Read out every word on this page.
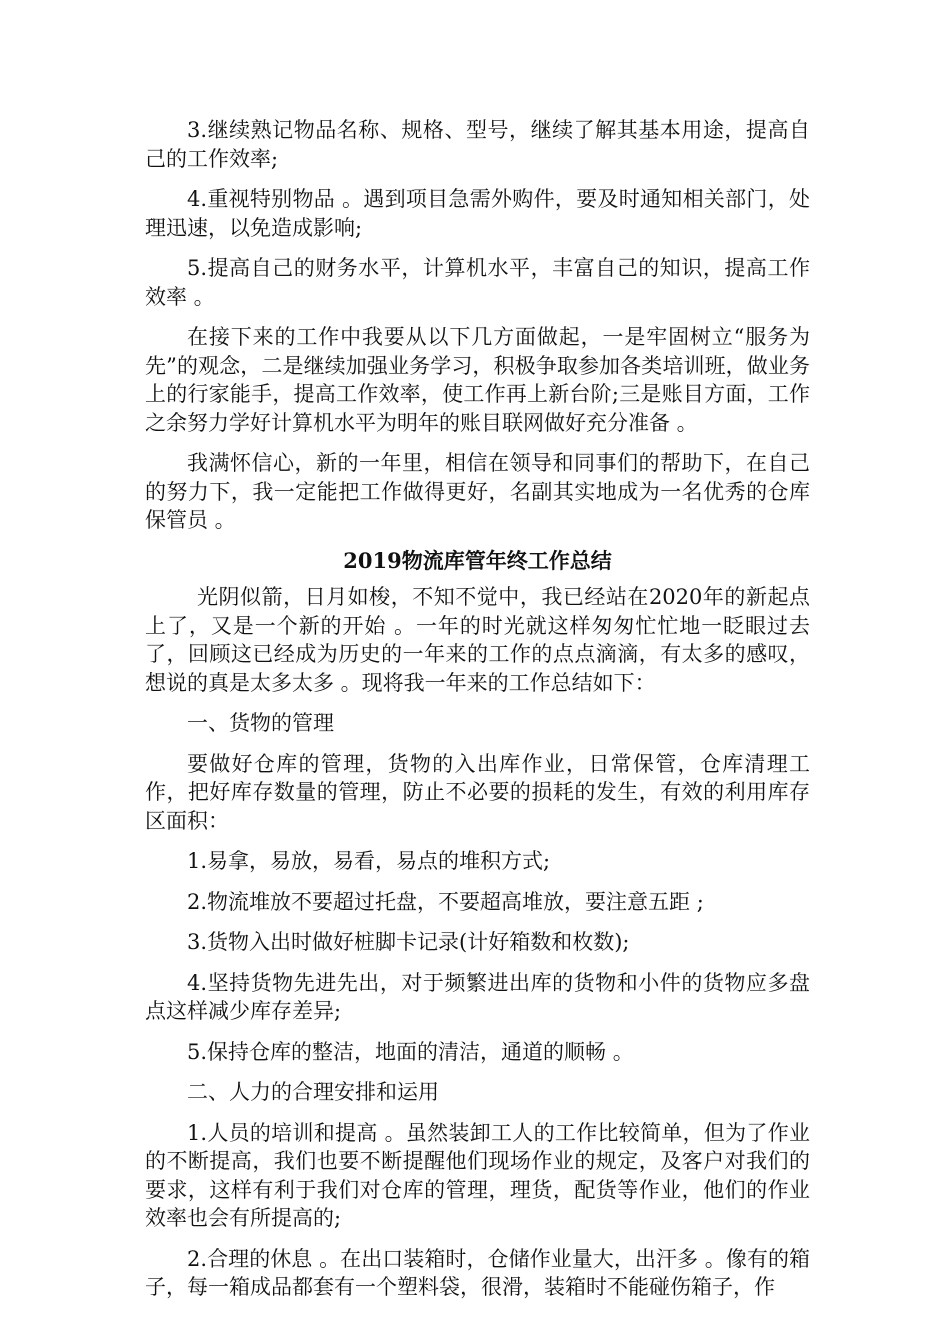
3.继续熟记物品名称、规格、型号，继续了解其基本用途，提高自己的工作效率;

4.重视特别物品 。遇到项目急需外购件，要及时通知相关部门，处理迅速，以免造成影响;

5.提高自己的财务水平，计算机水平，丰富自己的知识，提高工作效率 。

在接下来的工作中我要从以下几方面做起，一是牢固树立“服务为先”的观念，二是继续加强业务学习，积极争取参加各类培训班，做业务上的行家能手，提高工作效率，使工作再上新台阶;三是账目方面，工作之余努力学好计算机水平为明年的账目联网做好充分准备 。

我满怀信心，新的一年里，相信在领导和同事们的帮助下，在自己的努力下，我一定能把工作做得更好，名副其实地成为一名优秀的仓库保管员 。

2019物流库管年终工作总结

光阴似箭，日月如梭，不知不觉中，我已经站在2020年的新起点上了，又是一个新的开始 。一年的时光就这样匆匆忙忙地一眨眼过去了，回顾这已经成为历史的一年来的工作的点点滴滴，有太多的感叹，想说的真是太多太多 。现将我一年来的工作总结如下：

一、货物的管理

要做好仓库的管理，货物的入出库作业，日常保管，仓库清理工作，把好库存数量的管理，防止不必要的损耗的发生，有效的利用库存区面积：

1.易拿，易放，易看，易点的堆积方式;

2.物流堆放不要超过托盘，不要超高堆放，要注意五距 ;

3.货物入出时做好桩脚卡记录(计好箱数和枚数);

4.坚持货物先进先出，对于频繁进出库的货物和小件的货物应多盘点这样减少库存差异;

5.保持仓库的整洁，地面的清洁，通道的顺畅 。

二、人力的合理安排和运用

1.人员的培训和提高 。虽然装卸工人的工作比较简单，但为了作业的不断提高，我们也要不断提醒他们现场作业的规定，及客户对我们的要求，这样有利于我们对仓库的管理，理货，配货等作业，他们的作业效率也会有所提高的;

2.合理的休息 。在出口装箱时，仓储作业量大，出汗多 。像有的箱子，每一箱成品都套有一个塑料袋，很滑，装箱时不能碰伤箱子，作
